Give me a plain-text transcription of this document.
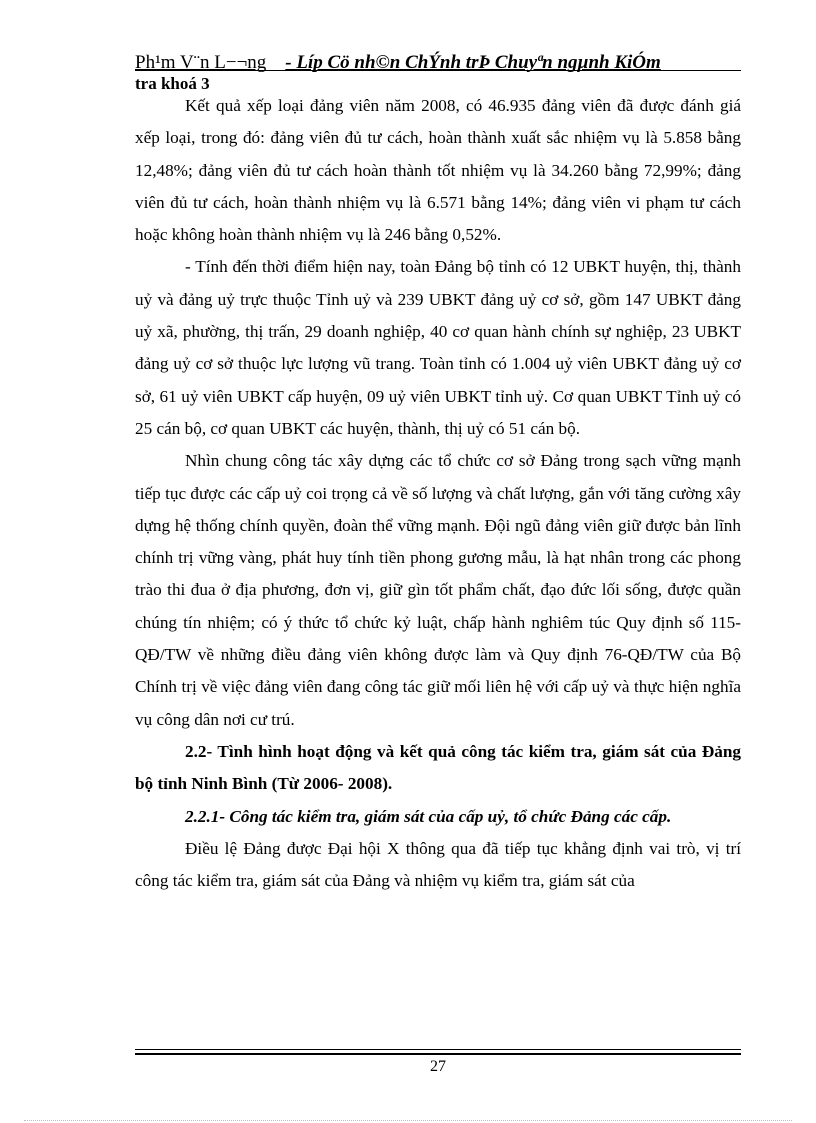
Ph¹m V¨n L−¬ng - Líp Cö nh©n ChÝnh trÞ Chuyªn ngµnh KiÓm
tra khoá 3

Kết quả xếp loại đảng viên năm 2008, có 46.935 đảng viên đã được đánh giá xếp loại, trong đó: đảng viên đủ tư cách, hoàn thành xuất sắc nhiệm vụ là 5.858 bằng 12,48%; đảng viên đủ tư cách hoàn thành tốt nhiệm vụ là 34.260 bằng 72,99%; đảng viên đủ tư cách, hoàn thành nhiệm vụ là 6.571 bằng 14%; đảng viên vi phạm tư cách hoặc không hoàn thành nhiệm vụ là 246 bằng 0,52%.

- Tính đến thời điểm hiện nay, toàn Đảng bộ tỉnh có 12 UBKT huyện, thị, thành uỷ và đảng uỷ trực thuộc Tỉnh uỷ và 239 UBKT đảng uỷ cơ sở, gồm 147 UBKT đảng uỷ xã, phường, thị trấn, 29 doanh nghiệp, 40 cơ quan hành chính sự nghiệp, 23 UBKT đảng uỷ cơ sở thuộc lực lượng vũ trang. Toàn tỉnh có 1.004 uỷ viên UBKT đảng uỷ cơ sở, 61 uỷ viên UBKT cấp huyện, 09 uỷ viên UBKT tỉnh uỷ. Cơ quan UBKT Tỉnh uỷ có 25 cán bộ, cơ quan UBKT các huyện, thành, thị uỷ có 51 cán bộ.

Nhìn chung công tác xây dựng các tổ chức cơ sở Đảng trong sạch vững mạnh tiếp tục được các cấp uỷ coi trọng cả về số lượng và chất lượng, gắn với tăng cường xây dựng hệ thống chính quyền, đoàn thể vững mạnh. Đội ngũ đảng viên giữ được bản lĩnh chính trị vững vàng, phát huy tính tiền phong gương mẫu, là hạt nhân trong các phong trào thi đua ở địa phương, đơn vị, giữ gìn tốt phẩm chất, đạo đức lối sống, được quần chúng tín nhiệm; có ý thức tổ chức kỷ luật, chấp hành nghiêm túc Quy định số 115- QĐ/TW về những điều đảng viên không được làm và Quy định 76-QĐ/TW của Bộ Chính trị về việc đảng viên đang công tác giữ mối liên hệ với cấp uỷ và thực hiện nghĩa vụ công dân nơi cư trú.

2.2- Tình hình hoạt động và kết quả công tác kiểm tra, giám sát của Đảng bộ tỉnh Ninh Bình (Từ 2006- 2008).

2.2.1- Công tác kiểm tra, giám sát của cấp uỷ, tổ chức Đảng các cấp.

Điều lệ Đảng được Đại hội X thông qua đã tiếp tục khẳng định vai trò, vị trí công tác kiểm tra, giám sát của Đảng và nhiệm vụ kiểm tra, giám sát của

27
